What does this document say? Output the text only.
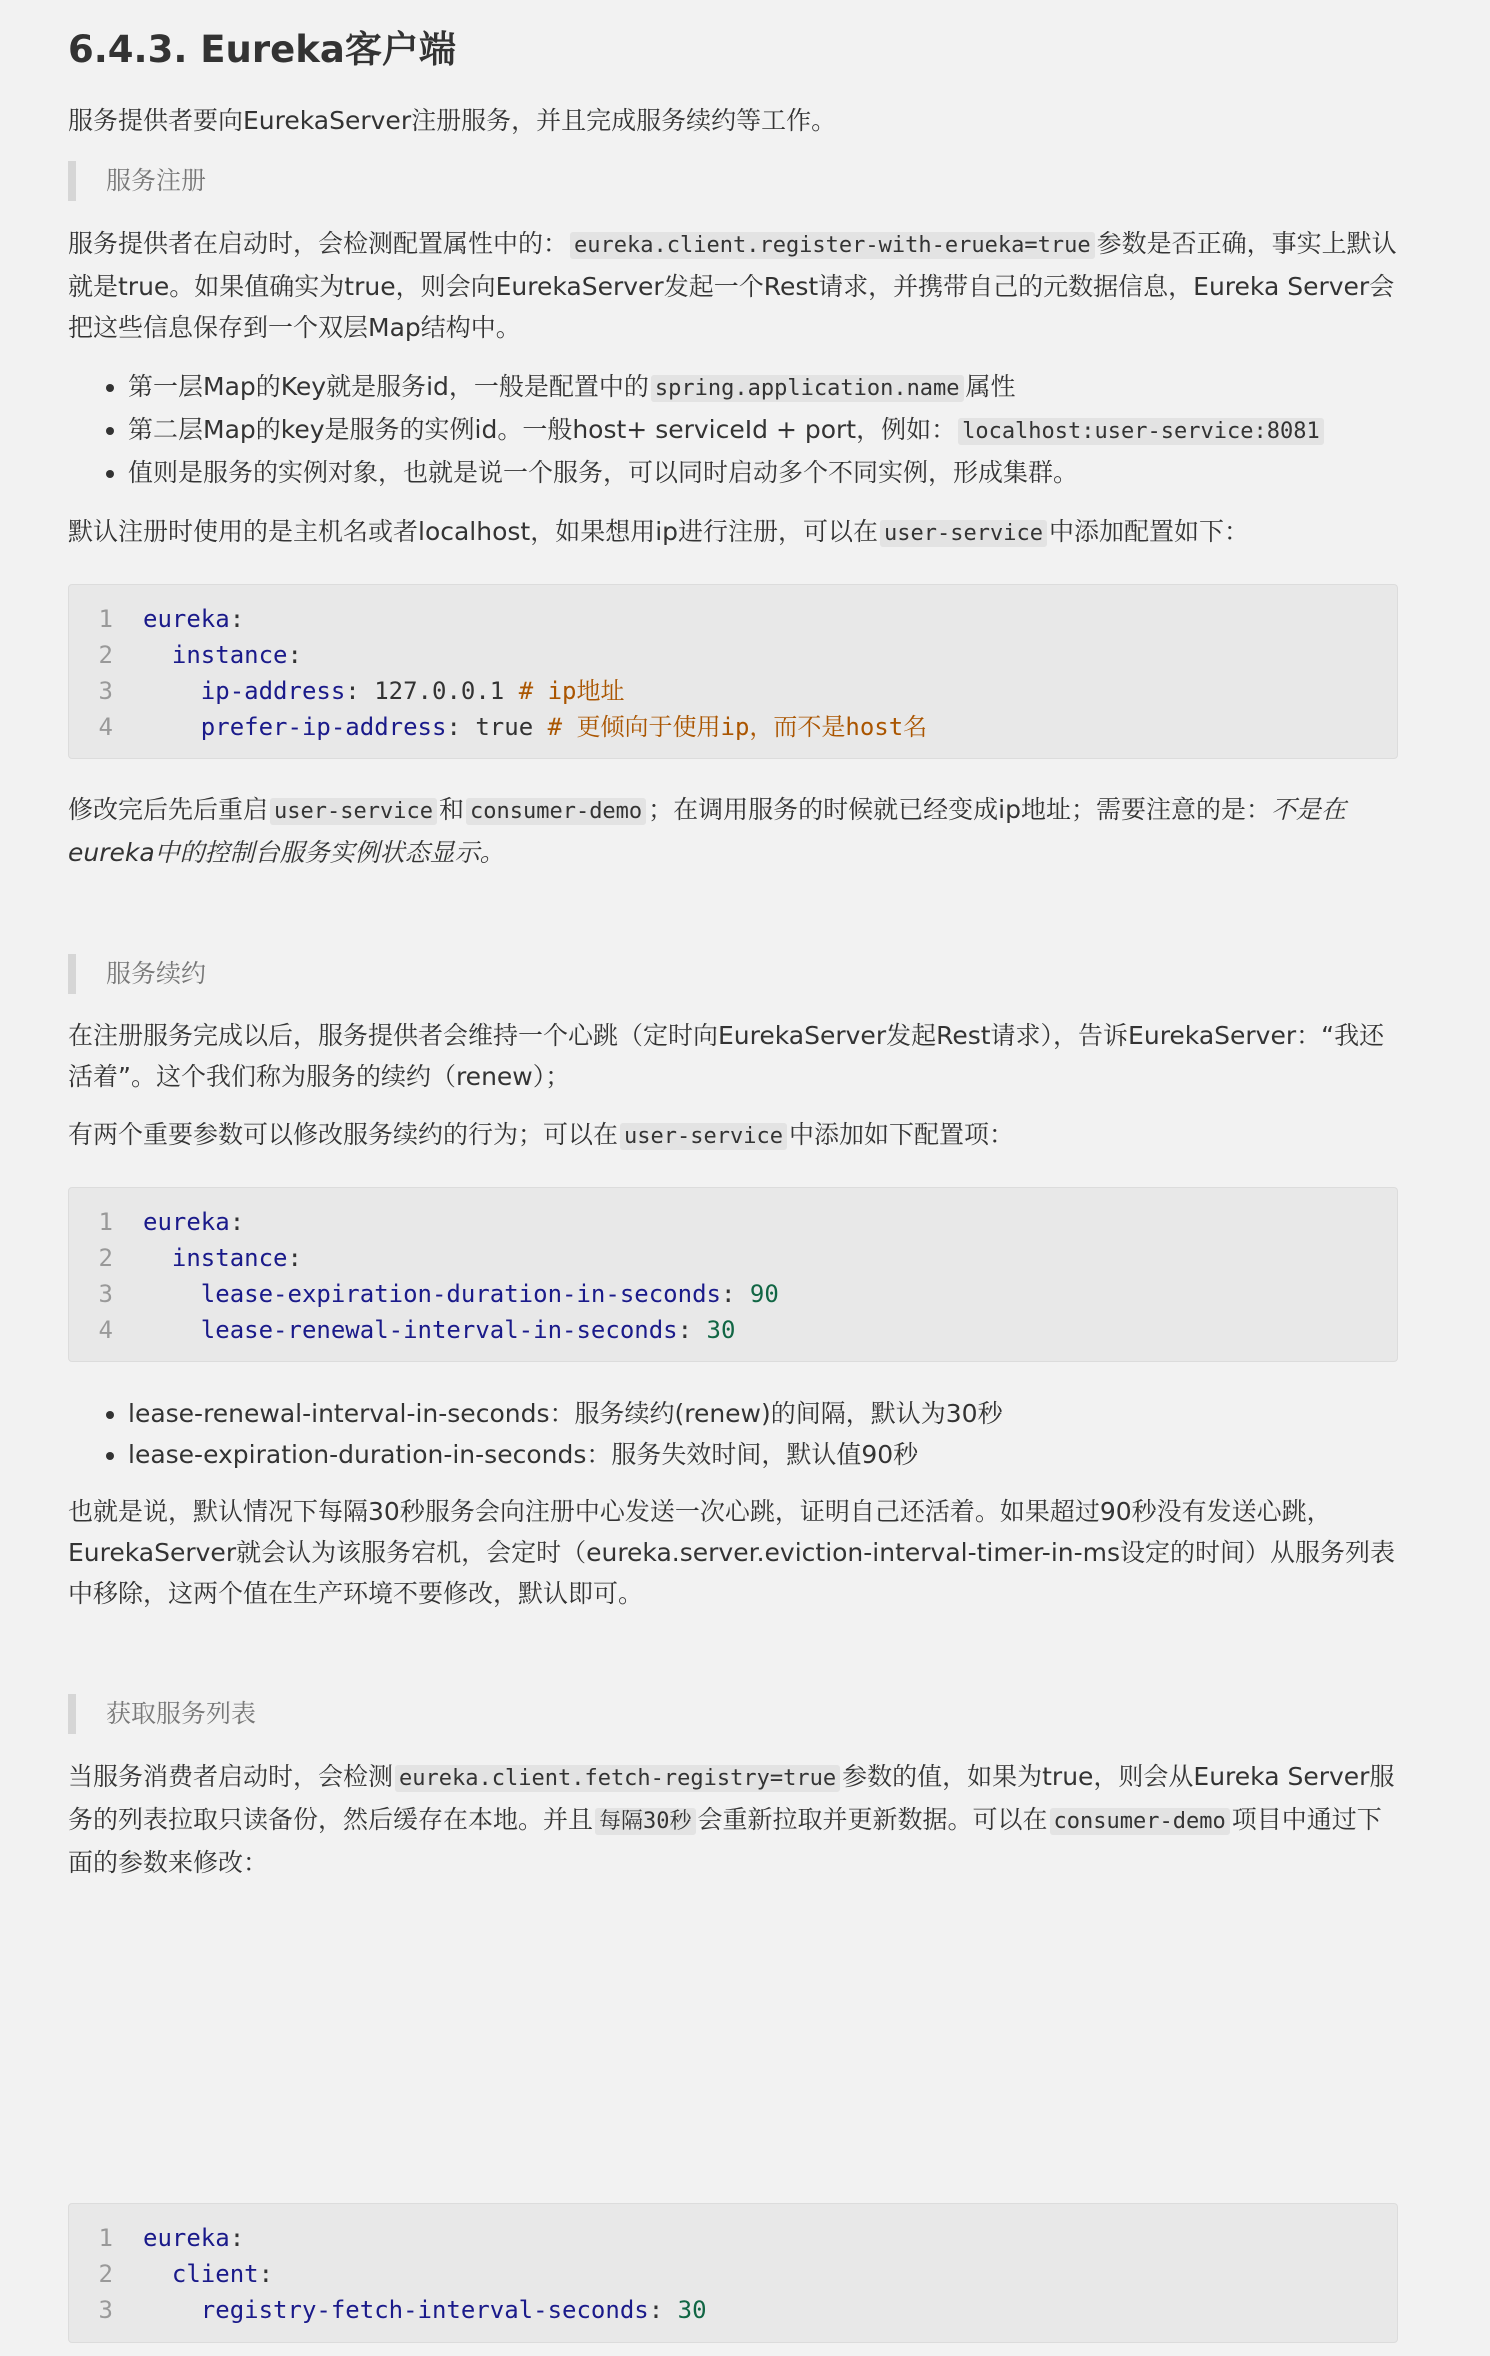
6.4.3. Eureka客户端

服务提供者要向EurekaServer注册服务，并且完成服务续约等工作。

服务注册

服务提供者在启动时，会检测配置属性中的： eureka.client.register-with-erueka=true 参数是否正确，事实上默认就是true。如果值确实为true，则会向EurekaServer发起一个Rest请求，并携带自己的元数据信息，Eureka Server会把这些信息保存到一个双层Map结构中。

• 第一层Map的Key就是服务id，一般是配置中的 spring.application.name 属性
• 第二层Map的key是服务的实例id。一般host+ serviceId + port，例如： localhost:user-service:8081
• 值则是服务的实例对象，也就是说一个服务，可以同时启动多个不同实例，形成集群。

默认注册时使用的是主机名或者localhost，如果想用ip进行注册，可以在 user-service 中添加配置如下：

1	eureka:
2	instance:
3	ip-address: 127.0.0.1 # ip地址
4	prefer-ip-address: true # 更倾向于使用ip，而不是host名

修改完后先后重启 user-service 和 consumer-demo ；在调用服务的时候就已经变成ip地址；需要注意的是：不是在eureka中的控制台服务实例状态显示。

服务续约

在注册服务完成以后，服务提供者会维持一个心跳（定时向EurekaServer发起Rest请求），告诉EurekaServer：“我还活着”。这个我们称为服务的续约（renew）；

有两个重要参数可以修改服务续约的行为；可以在 user-service 中添加如下配置项：

1	eureka:
2	instance:
3	lease-expiration-duration-in-seconds: 90
4	lease-renewal-interval-in-seconds: 30
• lease-renewal-interval-in-seconds：服务续约(renew)的间隔，默认为30秒
• lease-expiration-duration-in-seconds：服务失效时间，默认值90秒

也就是说，默认情况下每隔30秒服务会向注册中心发送一次心跳，证明自己还活着。如果超过90秒没有发送心跳，EurekaServer就会认为该服务宕机，会定时（eureka.server.eviction-interval-timer-in-ms设定的时间）从服务列表中移除，这两个值在生产环境不要修改，默认即可。

获取服务列表

当服务消费者启动时，会检测 eureka.client.fetch-registry=true 参数的值，如果为true，则会从Eureka Server服务的列表拉取只读备份，然后缓存在本地。并且 每隔30秒 会重新拉取并更新数据。可以在 consumer-demo 项目中通过下面的参数来修改：

1	eureka:
2	client:
3	registry-fetch-interval-seconds: 30
